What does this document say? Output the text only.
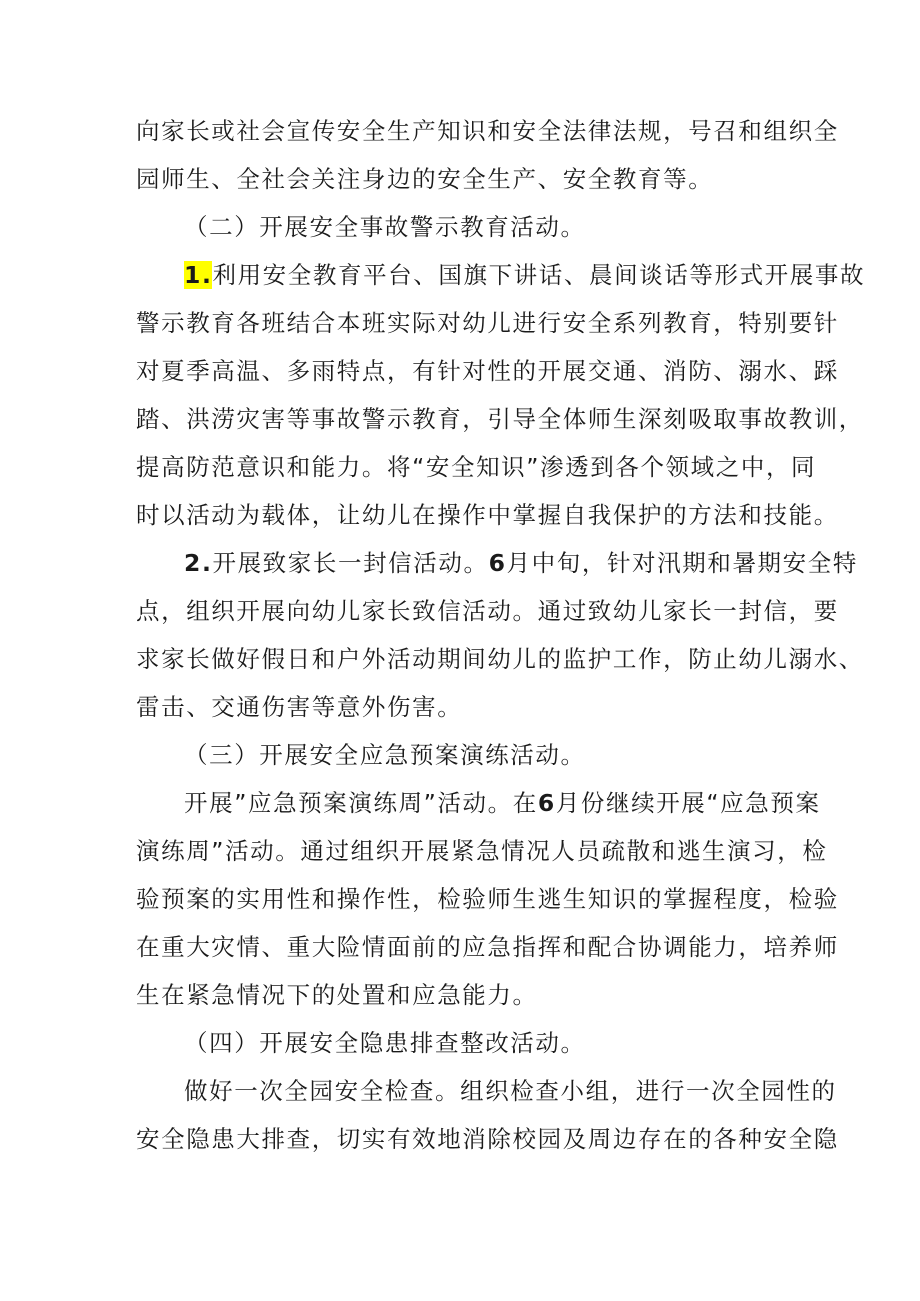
向家长或社会宣传安全生产知识和安全法律法规，号召和组织全
园师生、全社会关注身边的安全生产、安全教育等。
（二）开展安全事故警示教育活动。
1.利用安全教育平台、国旗下讲话、晨间谈话等形式开展事故
警示教育各班结合本班实际对幼儿进行安全系列教育，特别要针
对夏季高温、多雨特点，有针对性的开展交通、消防、溺水、踩
踏、洪涝灾害等事故警示教育，引导全体师生深刻吸取事故教训，
提高防范意识和能力。将“安全知识”渗透到各个领域之中，同
时以活动为载体，让幼儿在操作中掌握自我保护的方法和技能。
2.开展致家长一封信活动。6月中旬，针对汛期和暑期安全特
点，组织开展向幼儿家长致信活动。通过致幼儿家长一封信，要
求家长做好假日和户外活动期间幼儿的监护工作，防止幼儿溺水、
雷击、交通伤害等意外伤害。
（三）开展安全应急预案演练活动。
开展”应急预案演练周”活动。在6月份继续开展“应急预案
演练周”活动。通过组织开展紧急情况人员疏散和逃生演习，检
验预案的实用性和操作性，检验师生逃生知识的掌握程度，检验
在重大灾情、重大险情面前的应急指挥和配合协调能力，培养师
生在紧急情况下的处置和应急能力。
（四）开展安全隐患排查整改活动。
做好一次全园安全检查。组织检查小组，进行一次全园性的
安全隐患大排查，切实有效地消除校园及周边存在的各种安全隐
